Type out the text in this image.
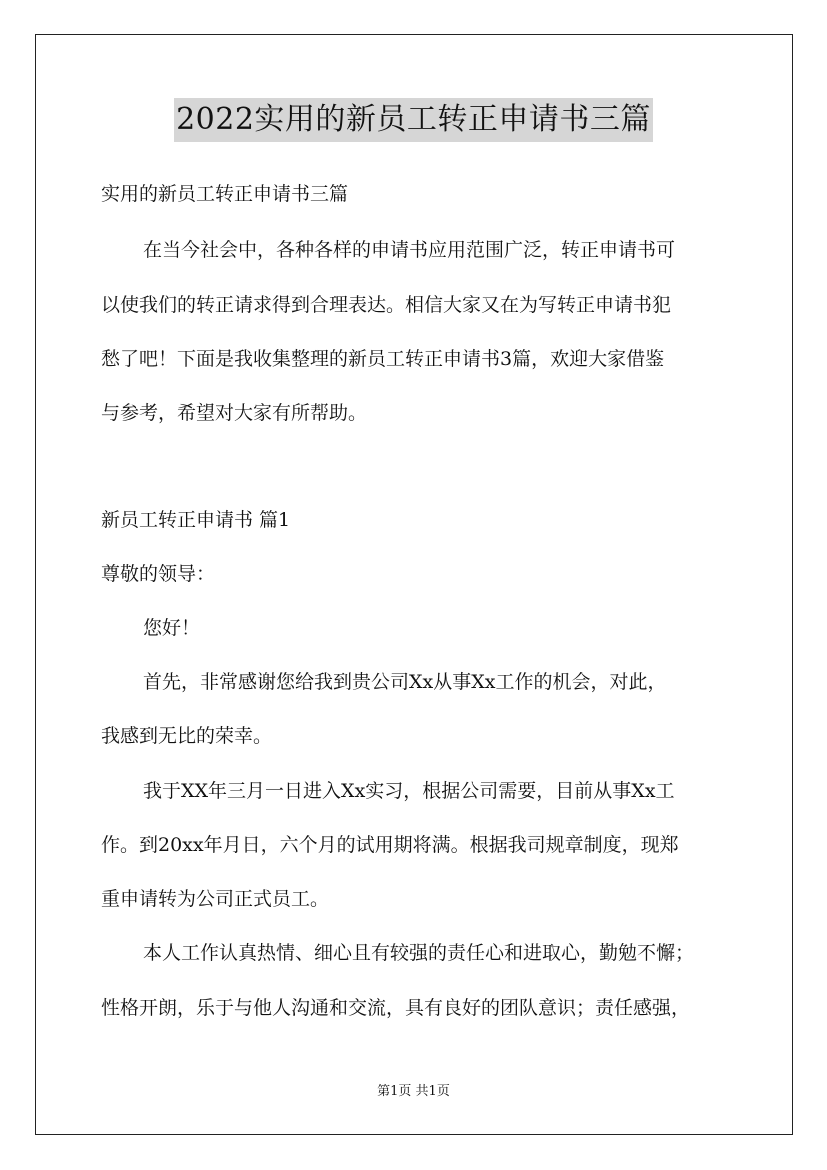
2022实用的新员工转正申请书三篇
实用的新员工转正申请书三篇
在当今社会中，各种各样的申请书应用范围广泛，转正申请书可
以使我们的转正请求得到合理表达。相信大家又在为写转正申请书犯
愁了吧！下面是我收集整理的新员工转正申请书3篇，欢迎大家借鉴
与参考，希望对大家有所帮助。
新员工转正申请书 篇1
尊敬的领导：
您好！
首先，非常感谢您给我到贵公司Xx从事Xx工作的机会，对此，
我感到无比的荣幸。
我于XX年三月一日进入Xx实习，根据公司需要，目前从事Xx工
作。到20xx年月日，六个月的试用期将满。根据我司规章制度，现郑
重申请转为公司正式员工。
本人工作认真热情、细心且有较强的责任心和进取心，勤勉不懈；
性格开朗，乐于与他人沟通和交流，具有良好的团队意识；责任感强，
第1页 共1页
